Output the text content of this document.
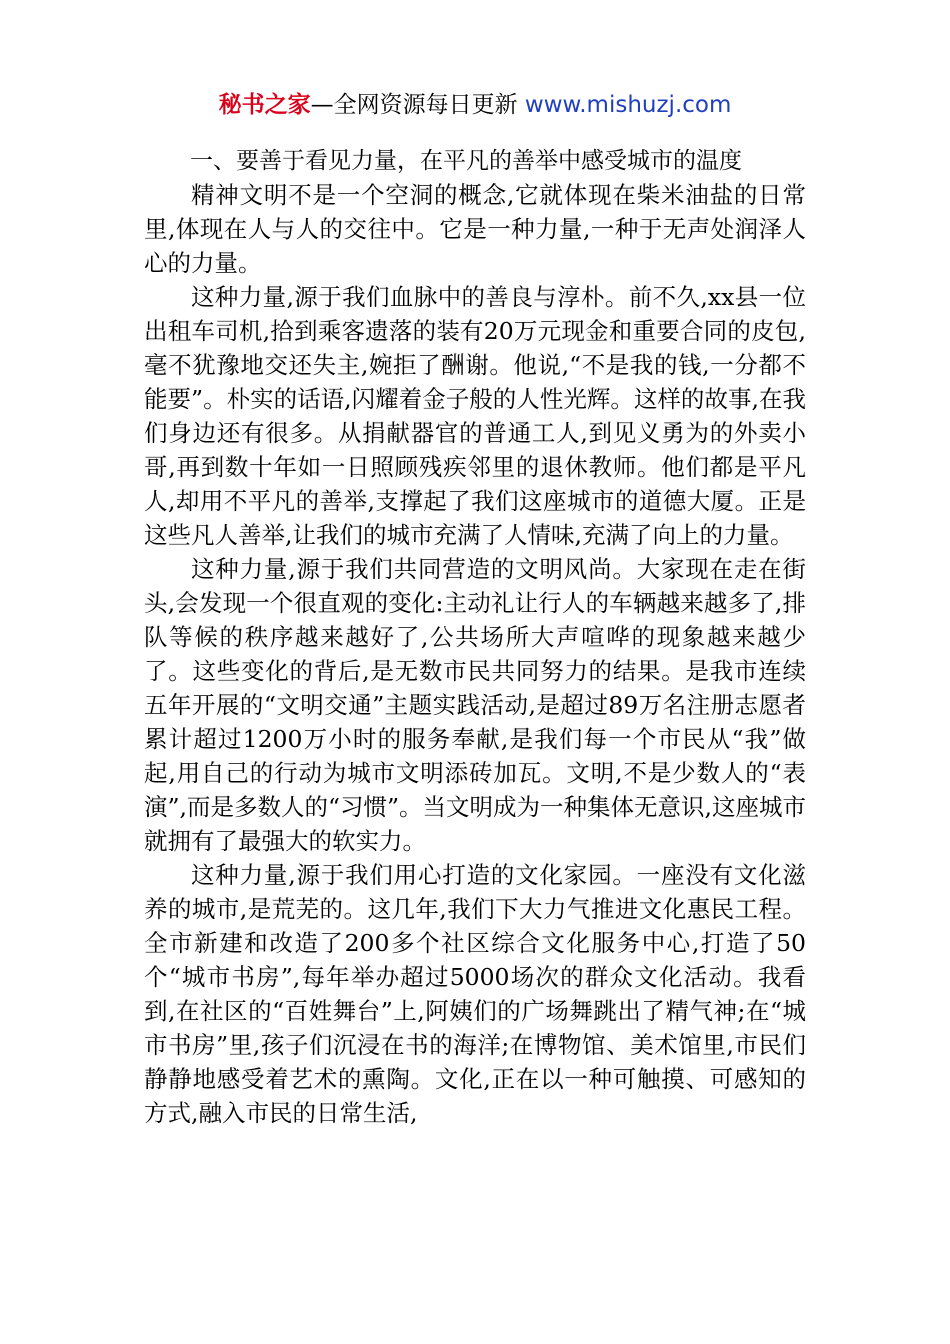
秘书之家—全网资源每日更新 www.mishuzj.com

一、要善于看见力量，在平凡的善举中感受城市的温度

精神文明不是一个空洞的概念,它就体现在柴米油盐的日常里,体现在人与人的交往中。它是一种力量,一种于无声处润泽人心的力量。

这种力量,源于我们血脉中的善良与淳朴。前不久,xx县一位出租车司机,拾到乘客遗落的装有20万元现金和重要合同的皮包,毫不犹豫地交还失主,婉拒了酬谢。他说,“不是我的钱,一分都不能要”。朴实的话语,闪耀着金子般的人性光辉。这样的故事,在我们身边还有很多。从捐献器官的普通工人,到见义勇为的外卖小哥,再到数十年如一日照顾残疾邻里的退休教师。他们都是平凡人,却用不平凡的善举,支撑起了我们这座城市的道德大厦。正是这些凡人善举,让我们的城市充满了人情味,充满了向上的力量。

这种力量,源于我们共同营造的文明风尚。大家现在走在街头,会发现一个很直观的变化:主动礼让行人的车辆越来越多了,排队等候的秩序越来越好了,公共场所大声喧哗的现象越来越少了。这些变化的背后,是无数市民共同努力的结果。是我市连续五年开展的“文明交通”主题实践活动,是超过89万名注册志愿者累计超过1200万小时的服务奉献,是我们每一个市民从“我”做起,用自己的行动为城市文明添砖加瓦。文明,不是少数人的“表演”,而是多数人的“习惯”。当文明成为一种集体无意识,这座城市就拥有了最强大的软实力。

这种力量,源于我们用心打造的文化家园。一座没有文化滋养的城市,是荒芜的。这几年,我们下大力气推进文化惠民工程。全市新建和改造了200多个社区综合文化服务中心,打造了50个“城市书房”,每年举办超过5000场次的群众文化活动。我看到,在社区的“百姓舞台”上,阿姨们的广场舞跳出了精气神;在“城市书房”里,孩子们沉浸在书的海洋;在博物馆、美术馆里,市民们静静地感受着艺术的熏陶。文化,正在以一种可触摸、可感知的方式,融入市民的日常生活,
